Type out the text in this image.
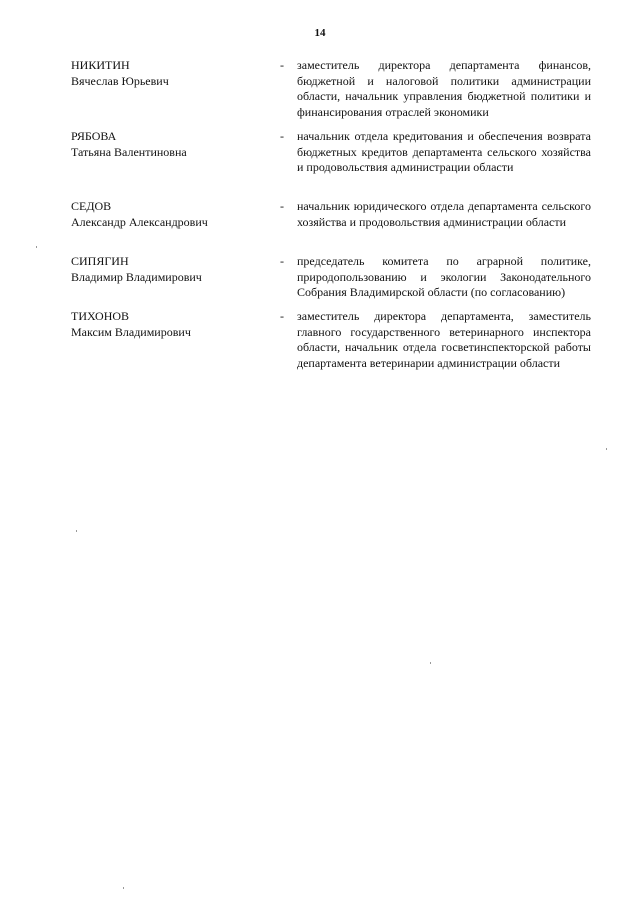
14
НИКИТИН
Вячеслав Юрьевич
- заместитель директора департамента финансов, бюджетной и налоговой политики администрации области, начальник управления бюджетной политики и финансирования отраслей экономики
РЯБОВА
Татьяна Валентиновна
- начальник отдела кредитования и обеспечения возврата бюджетных кредитов департамента сельского хозяйства и продовольствия администрации области
СЕДОВ
Александр Александрович
- начальник юридического отдела департамента сельского хозяйства и продовольствия администрации области
СИПЯГИН
Владимир Владимирович
- председатель комитета по аграрной политике, природопользованию и экологии Законодательного Собрания Владимирской области (по согласованию)
ТИХОНОВ
Максим Владимирович
- заместитель директора департамента, заместитель главного государственного ветеринарного инспектора области, начальник отдела госветинспекторской работы департамента ветеринарии администрации области
